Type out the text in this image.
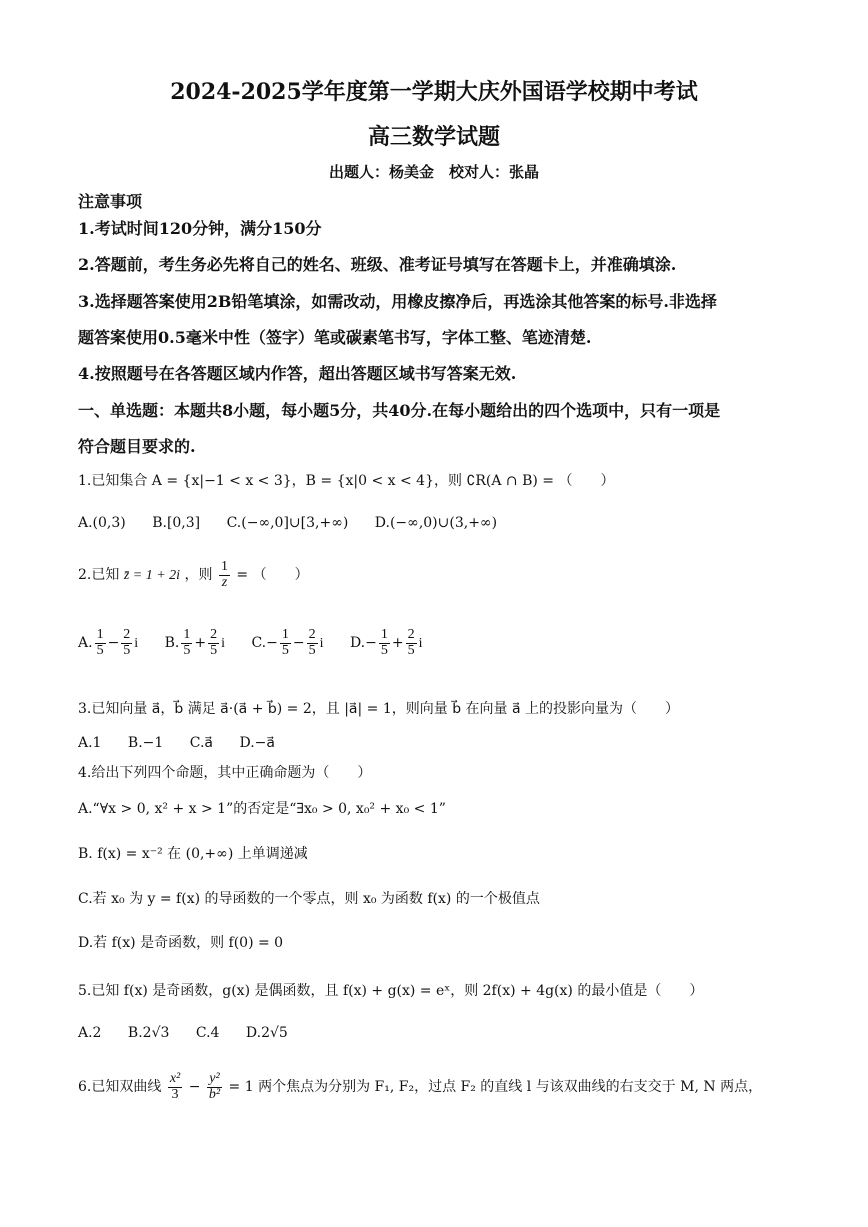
2024-2025学年度第一学期大庆外国语学校期中考试
高三数学试题
出题人：杨美金　校对人：张晶
注意事项
1.考试时间120分钟，满分150分
2.答题前，考生务必先将自己的姓名、班级、准考证号填写在答题卡上，并准确填涂.
3.选择题答案使用2B铅笔填涂，如需改动，用橡皮擦净后，再选涂其他答案的标号.非选择
题答案使用0.5毫米中性（签字）笔或碳素笔书写，字体工整、笔迹清楚.
4.按照题号在各答题区域内作答，超出答题区域书写答案无效.
一、单选题：本题共8小题，每小题5分，共40分.在每小题给出的四个选项中，只有一项是
符合题目要求的.
1.已知集合 A = {x|−1 < x < 3}，B = {x|0 < x < 4}，则 ∁R(A ∩ B) = （　　）
A.(0,3) B.[0,3] C.(−∞,0]∪[3,+∞) D.(−∞,0)∪(3,+∞)
2.已知 z̄ = 1 + 2i ，则 $\frac{1}{z}$ = （　　）
A. $\frac{1}{5} - \frac{2}{5}$ i B. $\frac{1}{5} + \frac{2}{5}$ i $C.- \frac{1}{5} - \frac{2}{5}$ i $D.- \frac{1}{5} + \frac{2}{5}$ i
3.已知向量 a⃗，b⃗ 满足 a⃗·(a⃗ + b⃗) = 2，且 |a⃗| = 1，则向量 b⃗ 在向量 a⃗ 上的投影向量为（　　）
A.1 B.−1 C.a⃗ D.−a⃗
4.给出下列四个命题，其中正确命题为（　　）
A.“∀x > 0, x² + x > 1”的否定是“∃x₀ > 0, x₀² + x₀ < 1”
B. f(x) = x⁻² 在 (0,+∞) 上单调递减
C.若 x₀ 为 y = f(x) 的导函数的一个零点，则 x₀ 为函数 f(x) 的一个极值点
D.若 f(x) 是奇函数，则 f(0) = 0
5.已知 f(x) 是奇函数，g(x) 是偶函数，且 f(x) + g(x) = eˣ，则 2f(x) + 4g(x) 的最小值是（　　）
A.2 B.2√3 C.4 D.2√5
6.已知双曲线 $\frac{\text{x²}}{3} - \frac{\text{y²}}{\text{b²}} = 1$ 两个焦点为分别为 F₁, F₂，过点 F₂ 的直线 l 与该双曲线的右支交于 M, N 两点，
